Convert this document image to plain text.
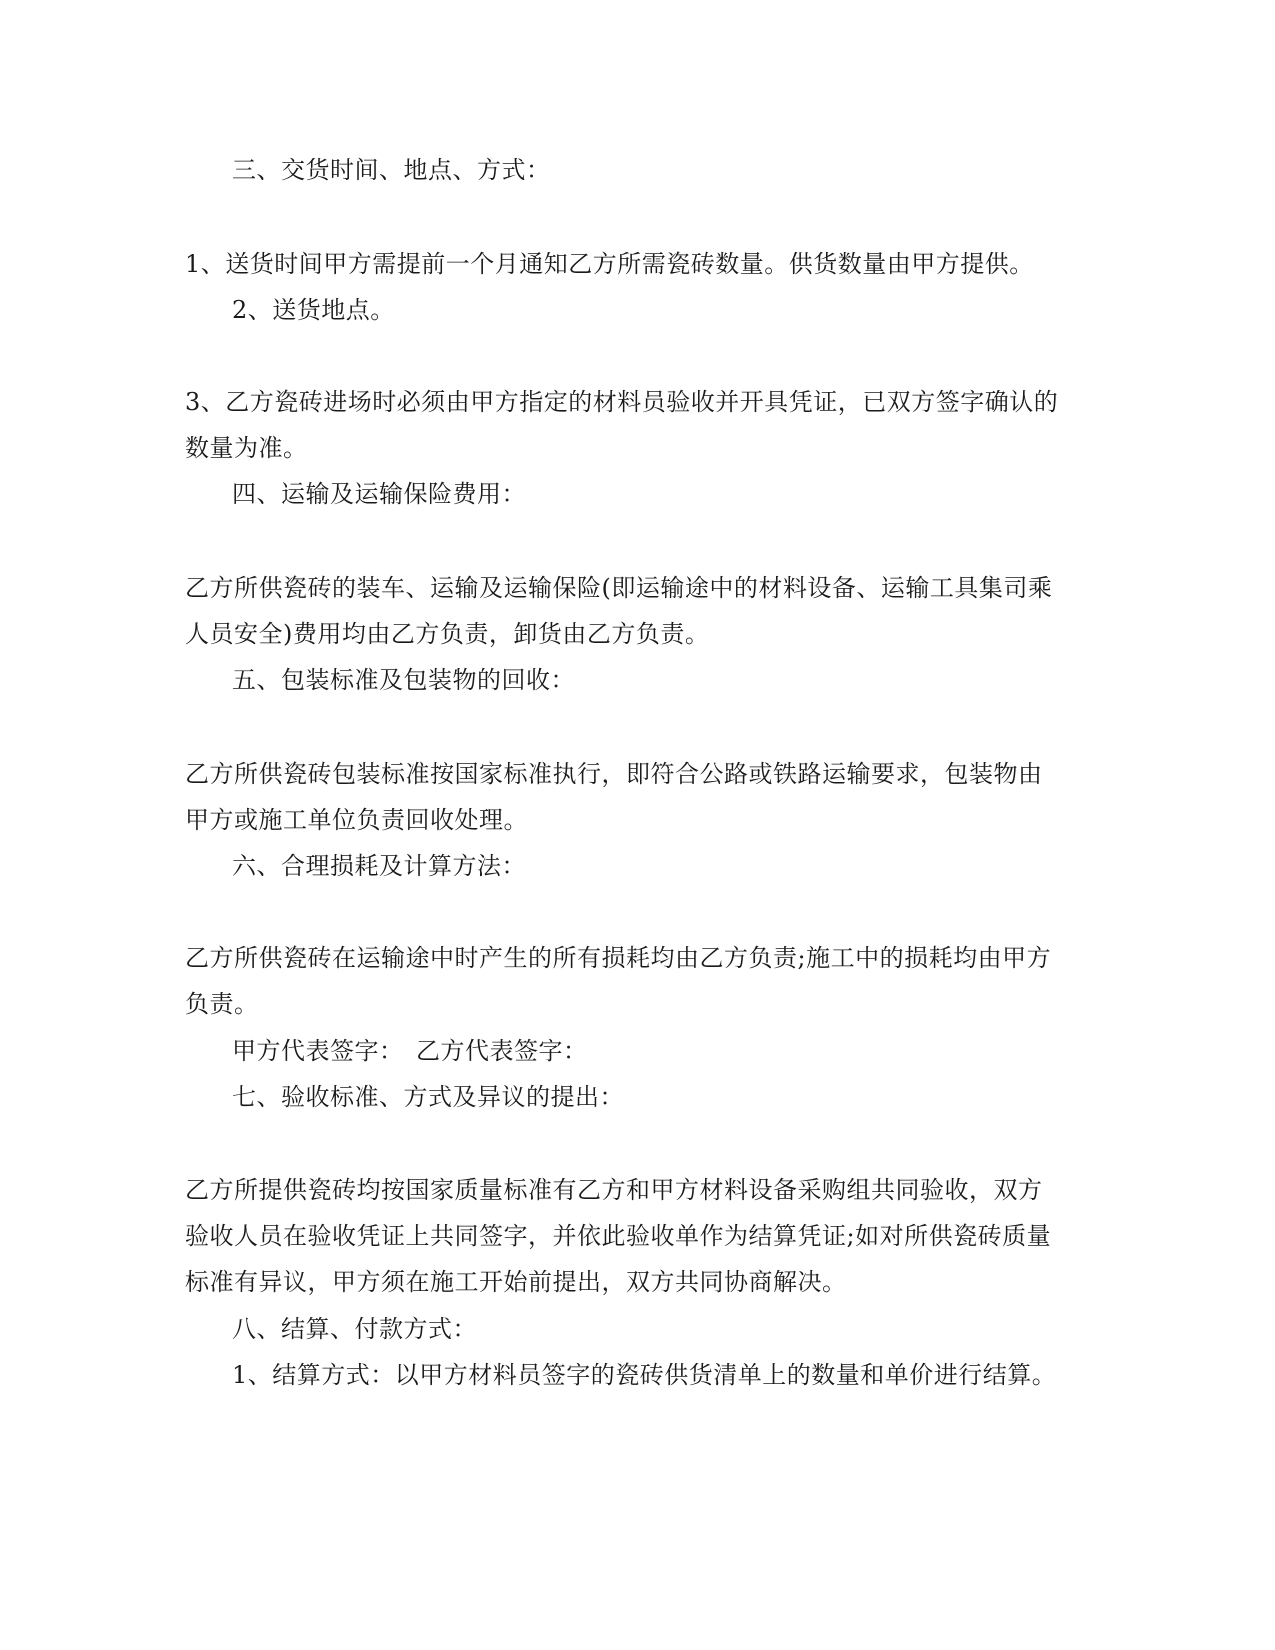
三、交货时间、地点、方式：
1、送货时间甲方需提前一个月通知乙方所需瓷砖数量。供货数量由甲方提供。
2、送货地点。
3、乙方瓷砖进场时必须由甲方指定的材料员验收并开具凭证，已双方签字确认的
数量为准。
四、运输及运输保险费用：
乙方所供瓷砖的装车、运输及运输保险(即运输途中的材料设备、运输工具集司乘
人员安全)费用均由乙方负责，卸货由乙方负责。
五、包装标准及包装物的回收：
乙方所供瓷砖包装标准按国家标准执行，即符合公路或铁路运输要求，包装物由
甲方或施工单位负责回收处理。
六、合理损耗及计算方法：
乙方所供瓷砖在运输途中时产生的所有损耗均由乙方负责;施工中的损耗均由甲方
负责。
甲方代表签字：　乙方代表签字：
七、验收标准、方式及异议的提出：
乙方所提供瓷砖均按国家质量标准有乙方和甲方材料设备采购组共同验收，双方
验收人员在验收凭证上共同签字，并依此验收单作为结算凭证;如对所供瓷砖质量
标准有异议，甲方须在施工开始前提出，双方共同协商解决。
八、结算、付款方式：
1、结算方式：以甲方材料员签字的瓷砖供货清单上的数量和单价进行结算。
